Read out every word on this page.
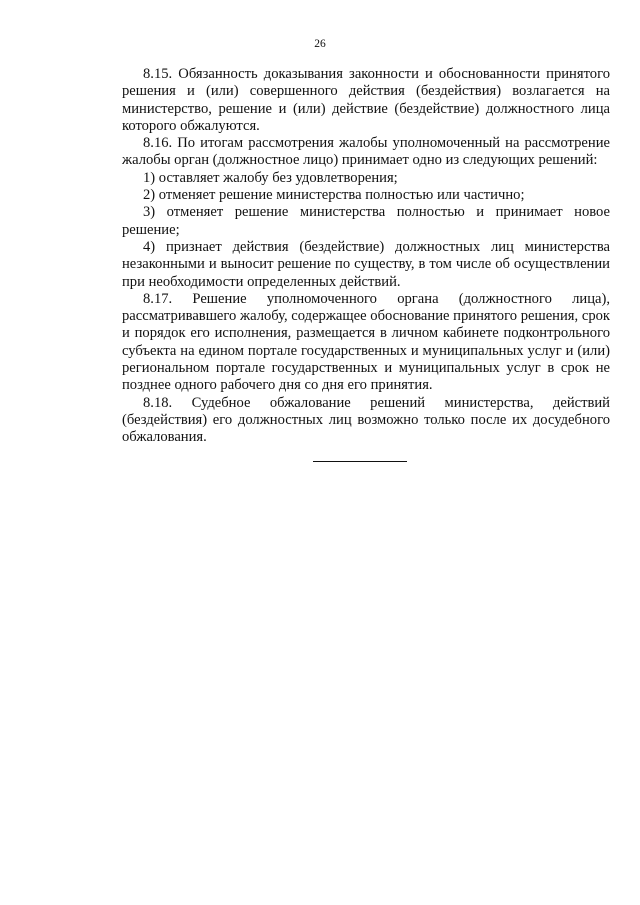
26

8.15. Обязанность доказывания законности и обоснованности принятого решения и (или) совершенного действия (бездействия) возлагается на министерство, решение и (или) действие (бездействие) должностного лица которого обжалуются.

8.16. По итогам рассмотрения жалобы уполномоченный на рассмотрение жалобы орган (должностное лицо) принимает одно из следующих решений:

1) оставляет жалобу без удовлетворения;

2) отменяет решение министерства полностью или частично;

3) отменяет решение министерства полностью и принимает новое решение;

4) признает действия (бездействие) должностных лиц министерства незаконными и выносит решение по существу, в том числе об осуществлении при необходимости определенных действий.

8.17. Решение уполномоченного органа (должностного лица), рассматривавшего жалобу, содержащее обоснование принятого решения, срок и порядок его исполнения, размещается в личном кабинете подконтрольного субъекта на едином портале государственных и муниципальных услуг и (или) региональном портале государственных и муниципальных услуг в срок не позднее одного рабочего дня со дня его принятия.

8.18. Судебное обжалование решений министерства, действий (бездействия) его должностных лиц возможно только после их досудебного обжалования.
